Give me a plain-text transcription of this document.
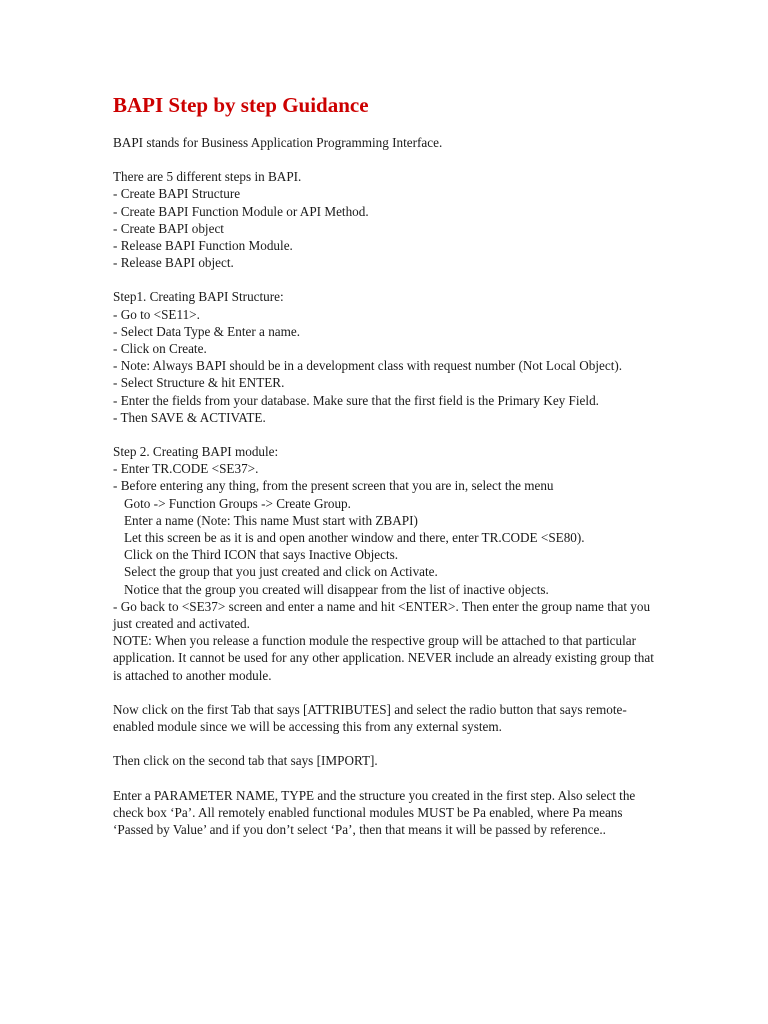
BAPI Step by step Guidance
BAPI stands for Business Application Programming Interface.
There are 5 different steps in BAPI.
- Create BAPI Structure
- Create BAPI Function Module or API Method.
- Create BAPI object
- Release BAPI Function Module.
- Release BAPI object.
Step1. Creating BAPI Structure:
- Go to <SE11>.
- Select Data Type & Enter a name.
- Click on Create.
- Note: Always BAPI should be in a development class with request number (Not Local Object).
- Select Structure & hit ENTER.
- Enter the fields from your database. Make sure that the first field is the Primary Key Field.
- Then SAVE & ACTIVATE.
Step 2. Creating BAPI module:
- Enter TR.CODE <SE37>.
- Before entering any thing, from the present screen that you are in, select the menu
Goto -> Function Groups -> Create Group.
Enter a name (Note: This name Must start with ZBAPI)
Let this screen be as it is and open another window and there, enter TR.CODE <SE80).
Click on the Third ICON that says Inactive Objects.
Select the group that you just created and click on Activate.
Notice that the group you created will disappear from the list of inactive objects.
- Go back to <SE37> screen and enter a name and hit <ENTER>. Then enter the group name that you just created and activated.
NOTE: When you release a function module the respective group will be attached to that particular application. It cannot be used for any other application. NEVER include an already existing group that is attached to another module.
Now click on the first Tab that says [ATTRIBUTES] and select the radio button that says remote-enabled module since we will be accessing this from any external system.
Then click on the second tab that says [IMPORT].
Enter a PARAMETER NAME, TYPE and the structure you created in the first step. Also select the check box ‘Pa’. All remotely enabled functional modules MUST be Pa enabled, where Pa means ‘Passed by Value’ and if you don’t select ‘Pa’, then that means it will be passed by reference..
